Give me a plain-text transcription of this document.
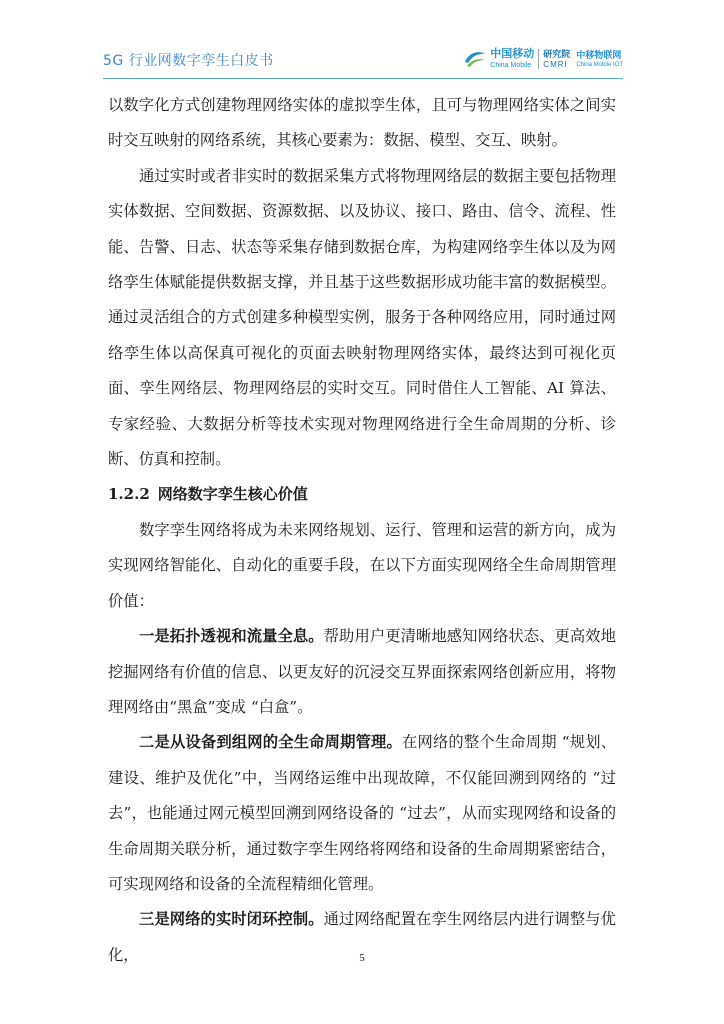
5G 行业网数字孪生白皮书	中国移动
China Mobile
研究院
CMRI
中移物联网
China Mobile IOT

以数字化方式创建物理网络实体的虚拟孪生体，且可与物理网络实体之间实时交互映射的网络系统，其核心要素为：数据、模型、交互、映射。

通过实时或者非实时的数据采集方式将物理网络层的数据主要包括物理实体数据、空间数据、资源数据、以及协议、接口、路由、信令、流程、性能、告警、日志、状态等采集存储到数据仓库，为构建网络孪生体以及为网络孪生体赋能提供数据支撑，并且基于这些数据形成功能丰富的数据模型。通过灵活组合的方式创建多种模型实例，服务于各种网络应用，同时通过网络孪生体以高保真可视化的页面去映射物理网络实体，最终达到可视化页面、孪生网络层、物理网络层的实时交互。同时借住人工智能、AI 算法、专家经验、大数据分析等技术实现对物理网络进行全生命周期的分析、诊断、仿真和控制。

1.2.2 网络数字孪生核心价值

数字孪生网络将成为未来网络规划、运行、管理和运营的新方向，成为实现网络智能化、自动化的重要手段，在以下方面实现网络全生命周期管理价值：

一是拓扑透视和流量全息。帮助用户更清晰地感知网络状态、更高效地挖掘网络有价值的信息、以更友好的沉浸交互界面探索网络创新应用，将物理网络由“黑盒”变成 “白盒”。

二是从设备到组网的全生命周期管理。在网络的整个生命周期 “规划、建设、维护及优化”中，当网络运维中出现故障，不仅能回溯到网络的 “过去”，也能通过网元模型回溯到网络设备的 “过去”，从而实现网络和设备的生命周期关联分析，通过数字孪生网络将网络和设备的生命周期紧密结合，可实现网络和设备的全流程精细化管理。

三是网络的实时闭环控制。通过网络配置在孪生网络层内进行调整与优化，	5
